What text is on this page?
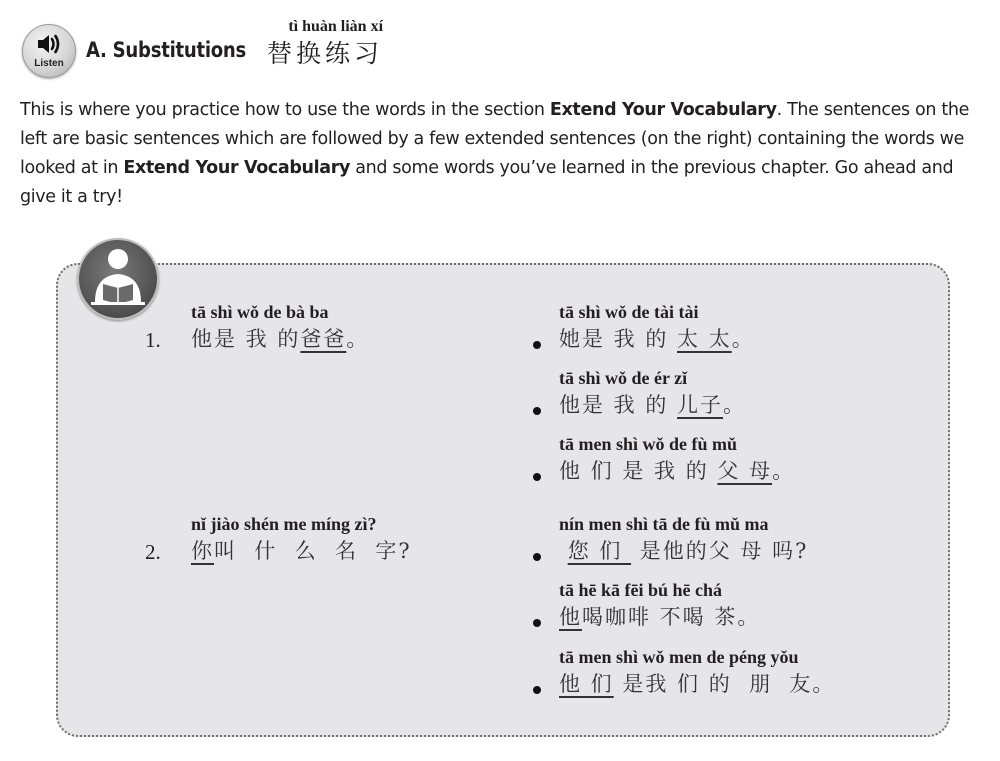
Listen
A. Substitutions
tì huàn liàn xí
替换练习
This is where you practice how to use the words in the section Extend Your Vocabulary. The sentences on the left are basic sentences which are followed by a few extended sentences (on the right) containing the words we looked at in Extend Your Vocabulary and some words you’ve learned in the previous chapter. Go ahead and give it a try!
tā shì wǒ de bà ba
他是 我 的爸爸。
1.
tā shì wǒ de tài tài
她是 我 的 太 太。
tā shì wǒ de ér zǐ
他是 我 的 儿子。
tā men shì wǒ de fù mǔ
他 们 是 我 的 父 母。
nǐ jiào shén me míng zì?
你叫  什  么  名  字?
2.
nín men shì tā de fù mǔ ma
您 们  是他的父 母 吗?
tā hē kā fēi bú hē chá
他喝咖啡 不喝 茶。
tā men shì wǒ men de péng yǒu
他 们 是我 们 的  朋  友。
